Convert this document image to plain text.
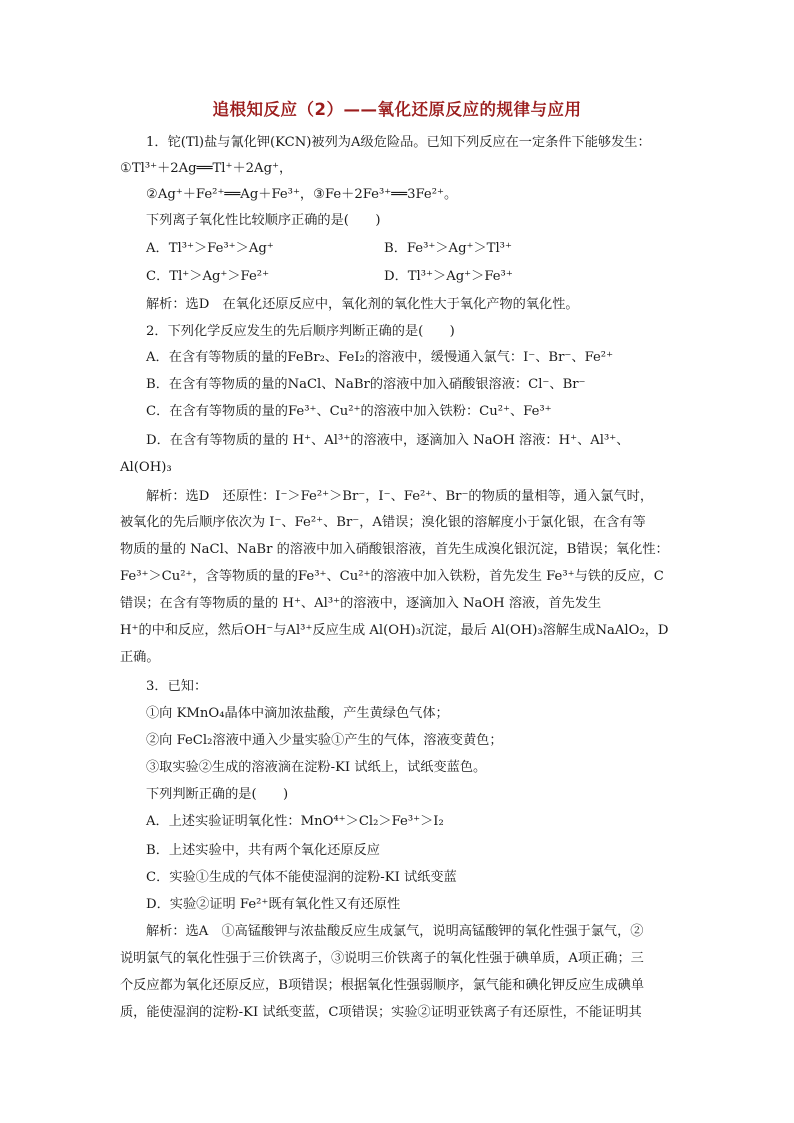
追根知反应（2）——氧化还原反应的规律与应用
1．铊(Tl)盐与氰化钾(KCN)被列为A级危险品。已知下列反应在一定条件下能够发生：
①Tl³⁺＋2Ag══Tl⁺＋2Ag⁺，
②Ag⁺＋Fe²⁺══Ag＋Fe³⁺，③Fe＋2Fe³⁺══3Fe²⁺。
下列离子氧化性比较顺序正确的是(　　)
A．Tl³⁺＞Fe³⁺＞Ag⁺	B．Fe³⁺＞Ag⁺＞Tl³⁺
C．Tl⁺＞Ag⁺＞Fe²⁺	D．Tl³⁺＞Ag⁺＞Fe³⁺
解析：选D　在氧化还原反应中，氧化剂的氧化性大于氧化产物的氧化性。
2．下列化学反应发生的先后顺序判断正确的是(　　)
A．在含有等物质的量的FeBr₂、FeI₂的溶液中，缓慢通入氯气：I⁻、Br⁻、Fe²⁺
B．在含有等物质的量的NaCl、NaBr的溶液中加入硝酸银溶液：Cl⁻、Br⁻
C．在含有等物质的量的Fe³⁺、Cu²⁺的溶液中加入铁粉：Cu²⁺、Fe³⁺
D．在含有等物质的量的 H⁺、Al³⁺的溶液中，逐滴加入 NaOH 溶液：H⁺、Al³⁺、
Al(OH)₃
解析：选D　还原性：I⁻＞Fe²⁺＞Br⁻，I⁻、Fe²⁺、Br⁻的物质的量相等，通入氯气时，
被氧化的先后顺序依次为 I⁻、Fe²⁺、Br⁻，A错误；溴化银的溶解度小于氯化银，在含有等
物质的量的 NaCl、NaBr 的溶液中加入硝酸银溶液，首先生成溴化银沉淀，B错误；氧化性：
Fe³⁺＞Cu²⁺，含等物质的量的Fe³⁺、Cu²⁺的溶液中加入铁粉，首先发生 Fe³⁺与铁的反应，C
错误；在含有等物质的量的 H⁺、Al³⁺的溶液中，逐滴加入 NaOH 溶液，首先发生
H⁺的中和反应，然后OH⁻与Al³⁺反应生成 Al(OH)₃沉淀，最后 Al(OH)₃溶解生成NaAlO₂，D
正确。
3．已知：
①向 KMnO₄晶体中滴加浓盐酸，产生黄绿色气体；
②向 FeCl₂溶液中通入少量实验①产生的气体，溶液变黄色；
③取实验②生成的溶液滴在淀粉-KI 试纸上，试纸变蓝色。
下列判断正确的是(　　)
A．上述实验证明氧化性：MnO⁴⁺＞Cl₂＞Fe³⁺＞I₂
B．上述实验中，共有两个氧化还原反应
C．实验①生成的气体不能使湿润的淀粉-KI 试纸变蓝
D．实验②证明 Fe²⁺既有氧化性又有还原性
解析：选A　①高锰酸钾与浓盐酸反应生成氯气，说明高锰酸钾的氧化性强于氯气，②
说明氯气的氧化性强于三价铁离子，③说明三价铁离子的氧化性强于碘单质，A项正确；三
个反应都为氧化还原反应，B项错误；根据氧化性强弱顺序，氯气能和碘化钾反应生成碘单
质，能使湿润的淀粉-KI 试纸变蓝，C项错误；实验②证明亚铁离子有还原性，不能证明其
